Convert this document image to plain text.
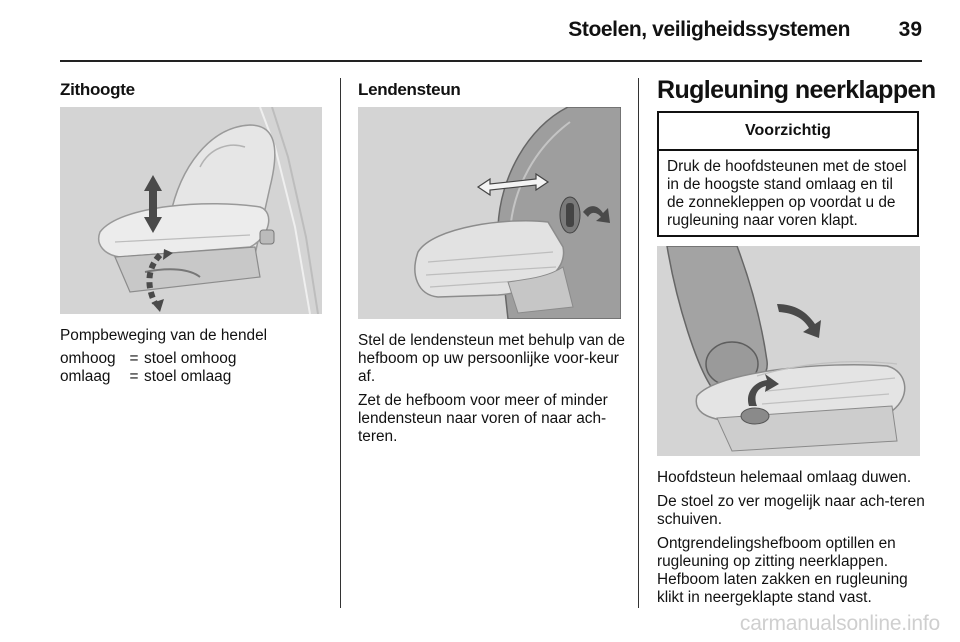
Stoelen, veiligheidssystemen	39
Zithoogte
Pompbeweging van de hendel
omhoog	=	stoel omhoog
omlaag	=	stoel omlaag
Lendensteun

Stel de lendensteun met behulp van de hefboom op uw persoonlijke voor-keur af.

Zet de hefboom voor meer of minder lendensteun naar voren of naar ach-teren.

Rugleuning neerklappen
Voorzichtig
Druk de hoofdsteunen met de stoel in de hoogste stand omlaag en til de zonnekleppen op voordat u de rugleuning naar voren klapt.

Hoofdsteun helemaal omlaag duwen.

De stoel zo ver mogelijk naar ach-teren schuiven.

Ontgrendelingshefboom optillen en rugleuning op zitting neerklappen. Hefboom laten zakken en rugleuning klikt in neergeklapte stand vast.

carmanualsonline.info
